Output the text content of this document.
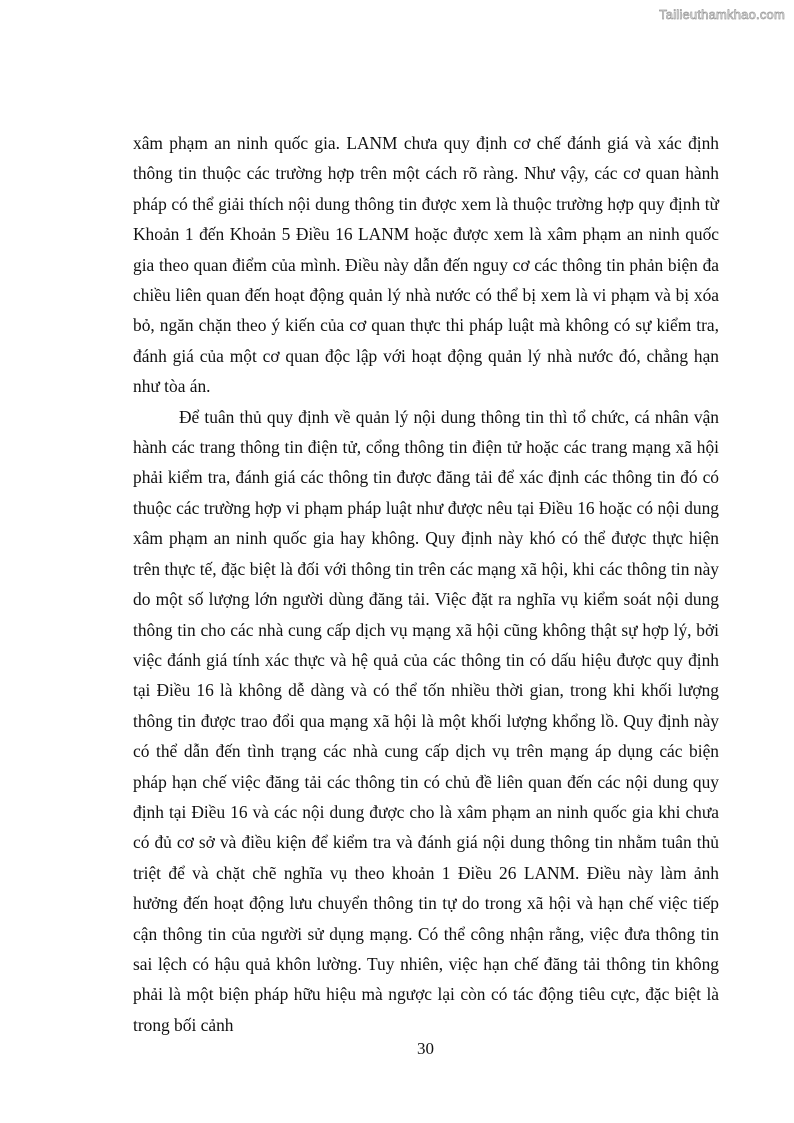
Tailieuthamkhao.com

xâm phạm an ninh quốc gia. LANM chưa quy định cơ chế đánh giá và xác định thông tin thuộc các trường hợp trên một cách rõ ràng. Như vậy, các cơ quan hành pháp có thể giải thích nội dung thông tin được xem là thuộc trường hợp quy định từ Khoản 1 đến Khoản 5 Điều 16 LANM hoặc được xem là xâm phạm an ninh quốc gia theo quan điểm của mình. Điều này dẫn đến nguy cơ các thông tin phản biện đa chiều liên quan đến hoạt động quản lý nhà nước có thể bị xem là vi phạm và bị xóa bỏ, ngăn chặn theo ý kiến của cơ quan thực thi pháp luật mà không có sự kiểm tra, đánh giá của một cơ quan độc lập với hoạt động quản lý nhà nước đó, chẳng hạn như tòa án.

Để tuân thủ quy định về quản lý nội dung thông tin thì tổ chức, cá nhân vận hành các trang thông tin điện tử, cổng thông tin điện tử hoặc các trang mạng xã hội phải kiểm tra, đánh giá các thông tin được đăng tải để xác định các thông tin đó có thuộc các trường hợp vi phạm pháp luật như được nêu tại Điều 16 hoặc có nội dung xâm phạm an ninh quốc gia hay không. Quy định này khó có thể được thực hiện trên thực tế, đặc biệt là đối với thông tin trên các mạng xã hội, khi các thông tin này do một số lượng lớn người dùng đăng tải. Việc đặt ra nghĩa vụ kiểm soát nội dung thông tin cho các nhà cung cấp dịch vụ mạng xã hội cũng không thật sự hợp lý, bởi việc đánh giá tính xác thực và hệ quả của các thông tin có dấu hiệu được quy định tại Điều 16 là không dễ dàng và có thể tốn nhiều thời gian, trong khi khối lượng thông tin được trao đổi qua mạng xã hội là một khối lượng khổng lồ. Quy định này có thể dẫn đến tình trạng các nhà cung cấp dịch vụ trên mạng áp dụng các biện pháp hạn chế việc đăng tải các thông tin có chủ đề liên quan đến các nội dung quy định tại Điều 16 và các nội dung được cho là xâm phạm an ninh quốc gia khi chưa có đủ cơ sở và điều kiện để kiểm tra và đánh giá nội dung thông tin nhằm tuân thủ triệt để và chặt chẽ nghĩa vụ theo khoản 1 Điều 26 LANM. Điều này làm ảnh hưởng đến hoạt động lưu chuyển thông tin tự do trong xã hội và hạn chế việc tiếp cận thông tin của người sử dụng mạng. Có thể công nhận rằng, việc đưa thông tin sai lệch có hậu quả khôn lường. Tuy nhiên, việc hạn chế đăng tải thông tin không phải là một biện pháp hữu hiệu mà ngược lại còn có tác động tiêu cực, đặc biệt là trong bối cảnh

30
